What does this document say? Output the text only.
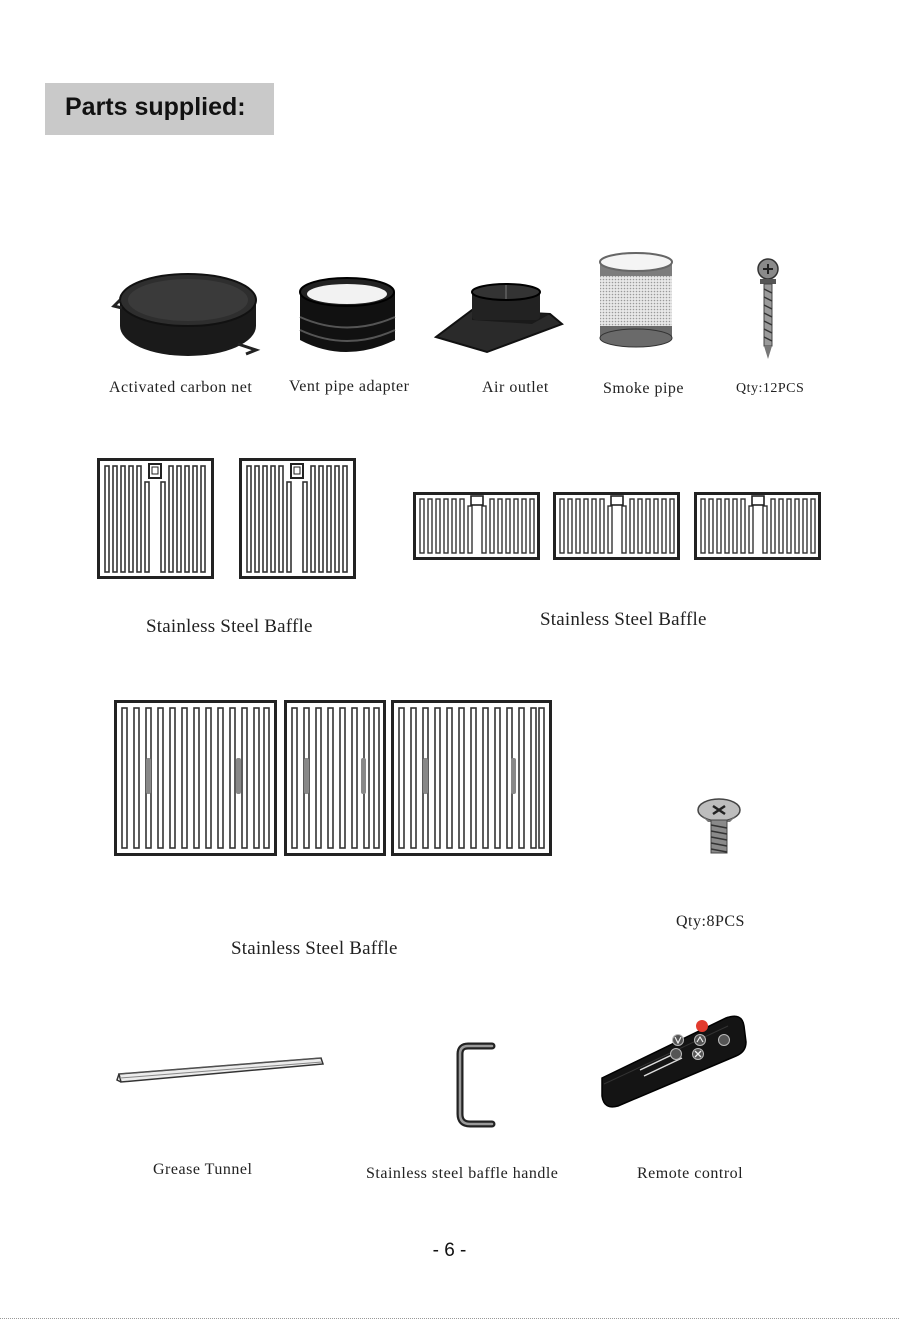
Parts supplied:
Activated carbon net Vent pipe adapter	Air outlet	Smoke pipe	Qty:12PCS
Stainless Steel Baffle	Stainless Steel Baffle
Stainless Steel Baffle
Qty:8PCS
Grease Tunnel	Stainless steel baffle handle	Remote control
- 6 -
